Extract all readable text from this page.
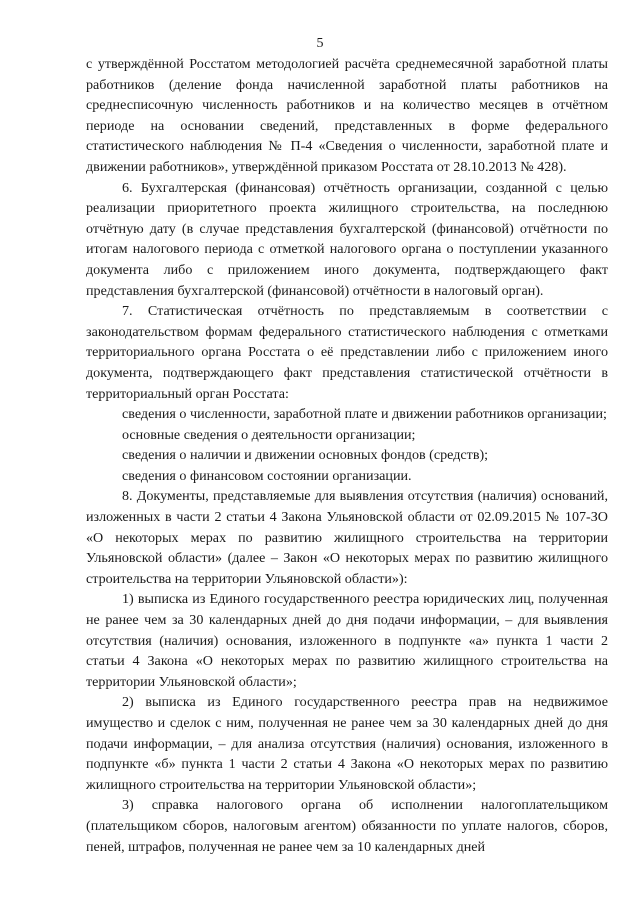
5

с утверждённой Росстатом методологией расчёта среднемесячной заработной платы работников (деление фонда начисленной заработной платы работников на среднесписочную численность работников и на количество месяцев в отчётном периоде на основании сведений, представленных в форме федерального статистического наблюдения № П-4 «Сведения о численности, заработной плате и движении работников», утверждённой приказом Росстата от 28.10.2013 № 428).

6. Бухгалтерская (финансовая) отчётность организации, созданной с целью реализации приоритетного проекта жилищного строительства, на последнюю отчётную дату (в случае представления бухгалтерской (финансовой) отчётности по итогам налогового периода с отметкой налогового органа о поступлении указанного документа либо с приложением иного документа, подтверждающего факт представления бухгалтерской (финансовой) отчётности в налоговый орган).

7. Статистическая отчётность по представляемым в соответствии с законодательством формам федерального статистического наблюдения с отметками территориального органа Росстата о её представлении либо с приложением иного документа, подтверждающего факт представления статистической отчётности в территориальный орган Росстата:

сведения о численности, заработной плате и движении работников организации;

основные сведения о деятельности организации;

сведения о наличии и движении основных фондов (средств);

сведения о финансовом состоянии организации.

8. Документы, представляемые для выявления отсутствия (наличия) оснований, изложенных в части 2 статьи 4 Закона Ульяновской области от 02.09.2015 № 107-ЗО «О некоторых мерах по развитию жилищного строительства на территории Ульяновской области» (далее – Закон «О некоторых мерах по развитию жилищного строительства на территории Ульяновской области»):

1) выписка из Единого государственного реестра юридических лиц, полученная не ранее чем за 30 календарных дней до дня подачи информации, – для выявления отсутствия (наличия) основания, изложенного в подпункте «а» пункта 1 части 2 статьи 4 Закона «О некоторых мерах по развитию жилищного строительства на территории Ульяновской области»;

2) выписка из Единого государственного реестра прав на недвижимое имущество и сделок с ним, полученная не ранее чем за 30 календарных дней до дня подачи информации, – для анализа отсутствия (наличия) основания, изложенного в подпункте «б» пункта 1 части 2 статьи 4 Закона «О некоторых мерах по развитию жилищного строительства на территории Ульяновской области»;

3) справка налогового органа об исполнении налогоплательщиком (плательщиком сборов, налоговым агентом) обязанности по уплате налогов, сборов, пеней, штрафов, полученная не ранее чем за 10 календарных дней
